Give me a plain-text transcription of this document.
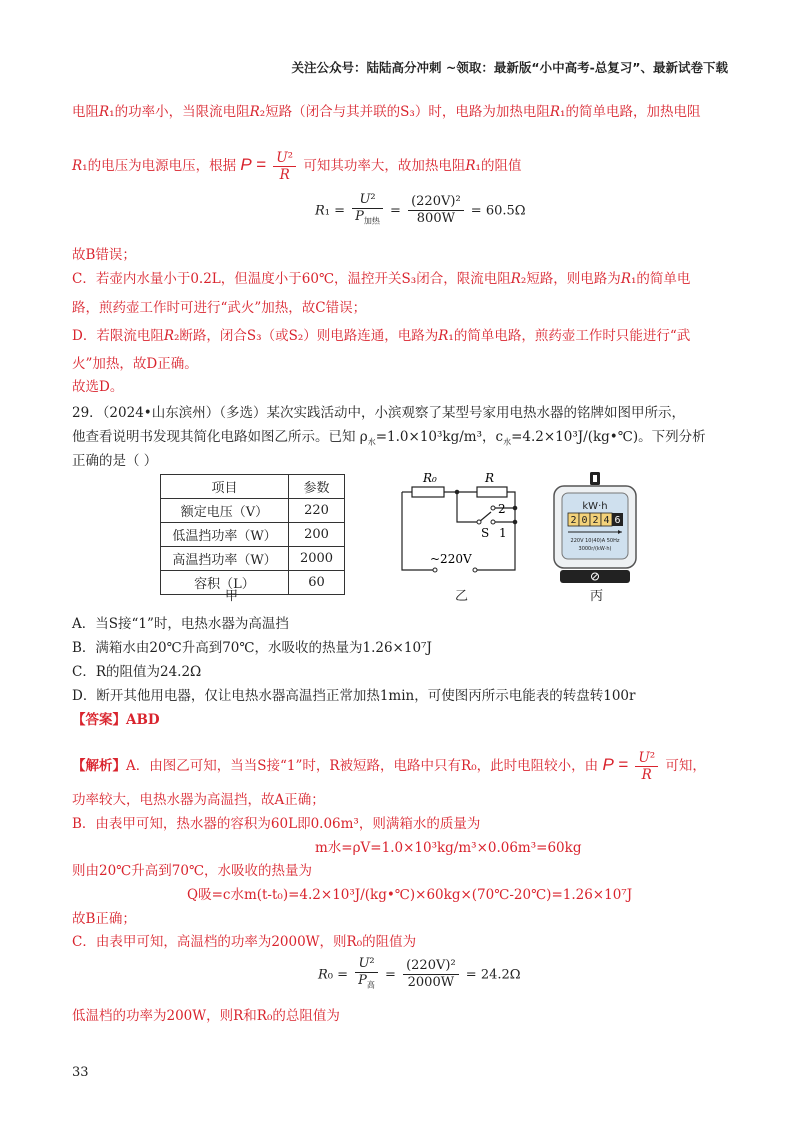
关注公众号：陆陆高分冲刺 ~领取：最新版“小中高考-总复习”、最新试卷下载
电阻R₁的功率小，当限流电阻R₂短路（闭合与其并联的S₃）时，电路为加热电阻R₁的简单电路，加热电阻
R₁的电压为电源电压，根据 $P = \frac{\text{U²}}{R}$ 可知其功率大，故加热电阻R₁的阻值
$R_1 = \frac{\text{U²}}{P_{加热}} = \frac{\text{(220V)²}}{800W} = 60.5\Omega$
故B错误；
C．若壶内水量小于0.2L，但温度小于60℃，温控开关S₃闭合，限流电阻R₂短路，则电路为R₁的简单电
路，煎药壶工作时可进行“武火”加热，故C错误；
D．若限流电阻R₂断路，闭合S₃（或S₂）则电路连通，电路为R₁的简单电路，煎药壶工作时只能进行“武
火”加热，故D正确。
故选D。
29．（2024•山东滨州）（多选）某次实践活动中，小滨观察了某型号家用电热水器的铭牌如图甲所示，
他查看说明书发现其简化电路如图乙所示。已知 $\rho_水=1.0\times 10^3kg/m^3$，$c_水=4.2\times 10^3J/(kg•℃)$。下列分析
正确的是（ ）
项目	参数
额定电压（V）	220
低温挡功率（W）	200
高温挡功率（W）	2000
容积（L）	60
R₀	R
2
S 1
~220V
kW·h
2 0 2 4 6
220V 10(40)A 50Hz
3000r/(kW·h)
甲	乙	丙
A．当S接“1”时，电热水器为高温挡
B．满箱水由20℃升高到70℃，水吸收的热量为1.26×10⁷J
C．R的阻值为24.2Ω
D．断开其他用电器，仅让电热水器高温挡正常加热1min，可使图丙所示电能表的转盘转100r
【答案】ABD
【解析】A．由图乙可知，当当S接“1”时，R被短路，电路中只有R₀，此时电阻较小，由 $P = \frac{\text{U²}}{R}$ 可知，
功率较大，电热水器为高温挡，故A正确；
B．由表甲可知，热水器的容积为60L即0.06m³，则满箱水的质量为
m水=ρV=1.0×10³kg/m³×0.06m³=60kg
则由20℃升高到70℃，水吸收的热量为
Q吸=c水m(t-t₀)=4.2×10³J/(kg•℃)×60kg×(70℃-20℃)=1.26×10⁷J
故B正确；
C．由表甲可知，高温档的功率为2000W，则R₀的阻值为
$R_0 = \frac{\text{U²}}{P_高} = \frac{\text{(220V)²}}{2000W} = 24.2\Omega$
低温档的功率为200W，则R和R₀的总阻值为
33
